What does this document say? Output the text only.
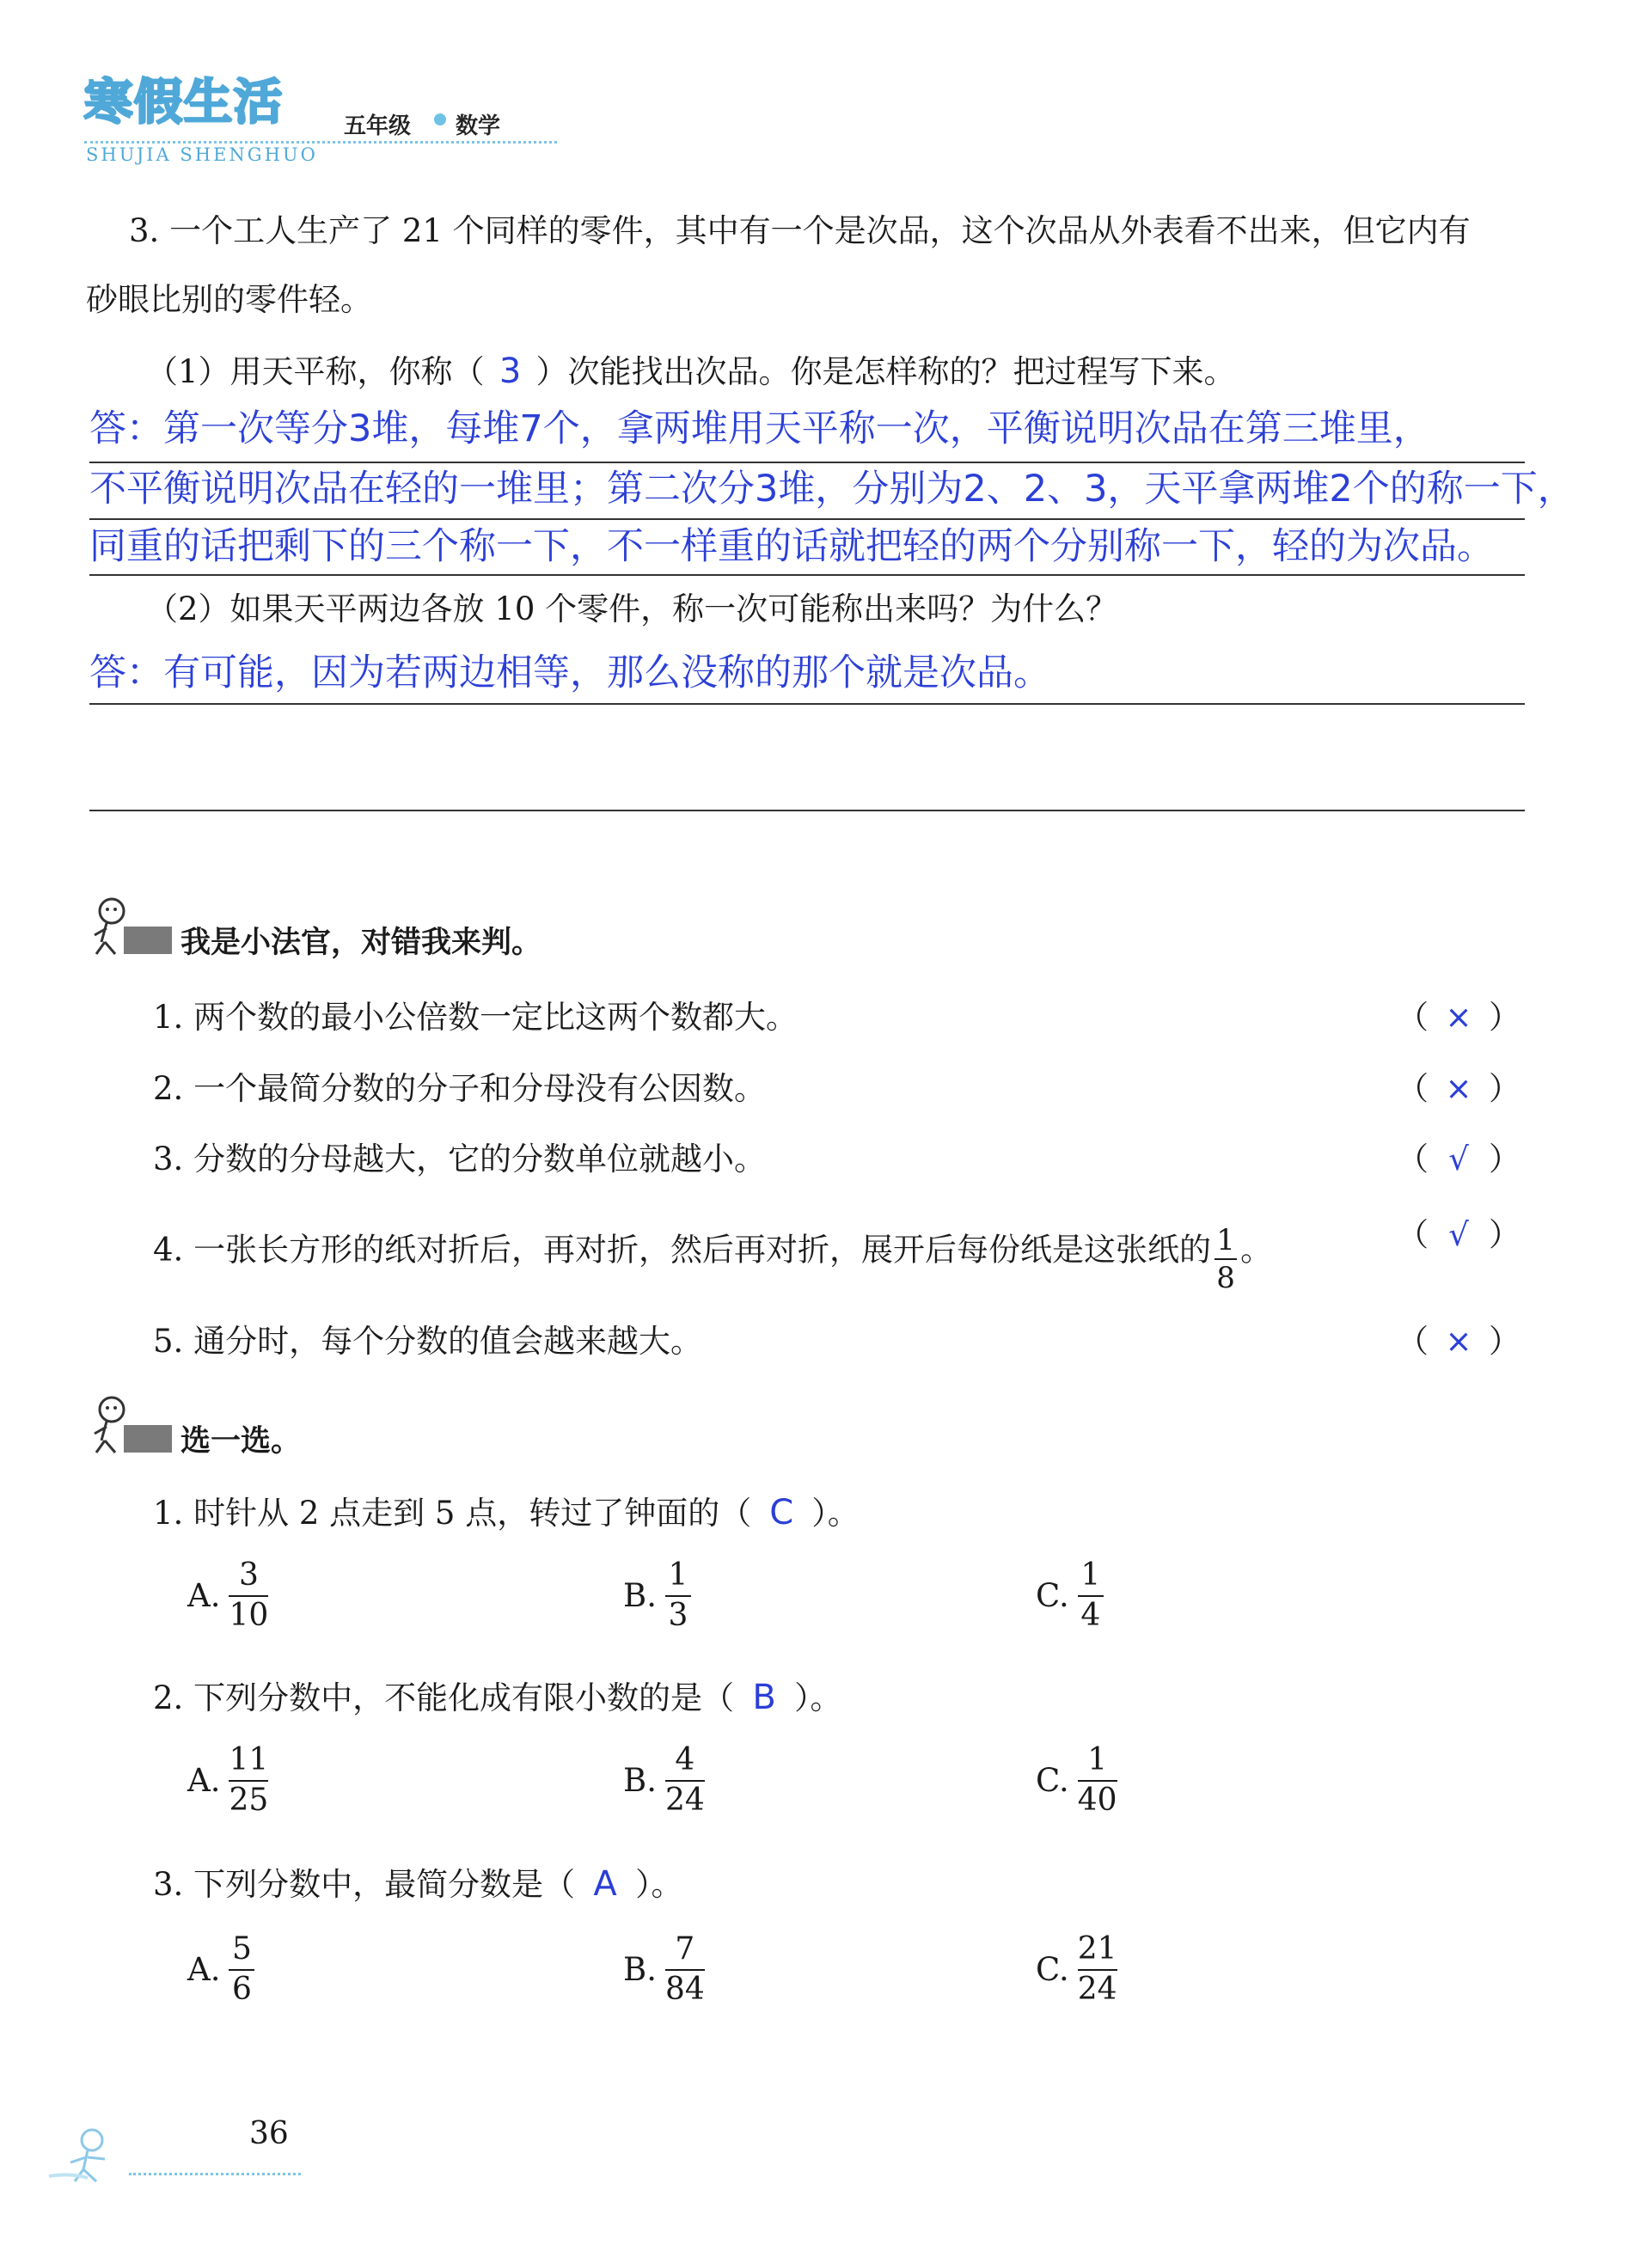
寒假生活
SHUJIA SHENGHUO
五年级 数学
3. 一个工人生产了 21 个同样的零件，其中有一个是次品，这个次品从外表看不出来，但它内有
砂眼比别的零件轻。
（1）用天平称，你称（ 3 ）次能找出次品。你是怎样称的？把过程写下来。
答：第一次等分3堆，每堆7个，拿两堆用天平称一次，平衡说明次品在第三堆里，
不平衡说明次品在轻的一堆里；第二次分3堆，分别为2、2、3，天平拿两堆2个的称一下，
同重的话把剩下的三个称一下，不一样重的话就把轻的两个分别称一下，轻的为次品。
（2）如果天平两边各放 10 个零件，称一次可能称出来吗？为什么？
答：有可能，因为若两边相等，那么没称的那个就是次品。
我是小法官，对错我来判。
1. 两个数的最小公倍数一定比这两个数都大。	（ × ）
2. 一个最简分数的分子和分母没有公因数。	（ × ）
3. 分数的分母越大，它的分数单位就越小。	（ √ ）
4. 一张长方形的纸对折后，再对折，然后再对折，展开后每份纸是这张纸的 $\frac{1}{8}$ 。	（ √ ）
5. 通分时，每个分数的值会越来越大。	（ × ）
选一选。
1. 时针从 2 点走到 5 点，转过了钟面的（ C ）。
A.
3
10
B.
1
3
C.
1
4
2. 下列分数中，不能化成有限小数的是（ B ）。
A.
11
25
B.
4
24
C.
1
40
3. 下列分数中，最简分数是（ A ）。
A.
5
6
B.
7
84
C.
21
24
36
